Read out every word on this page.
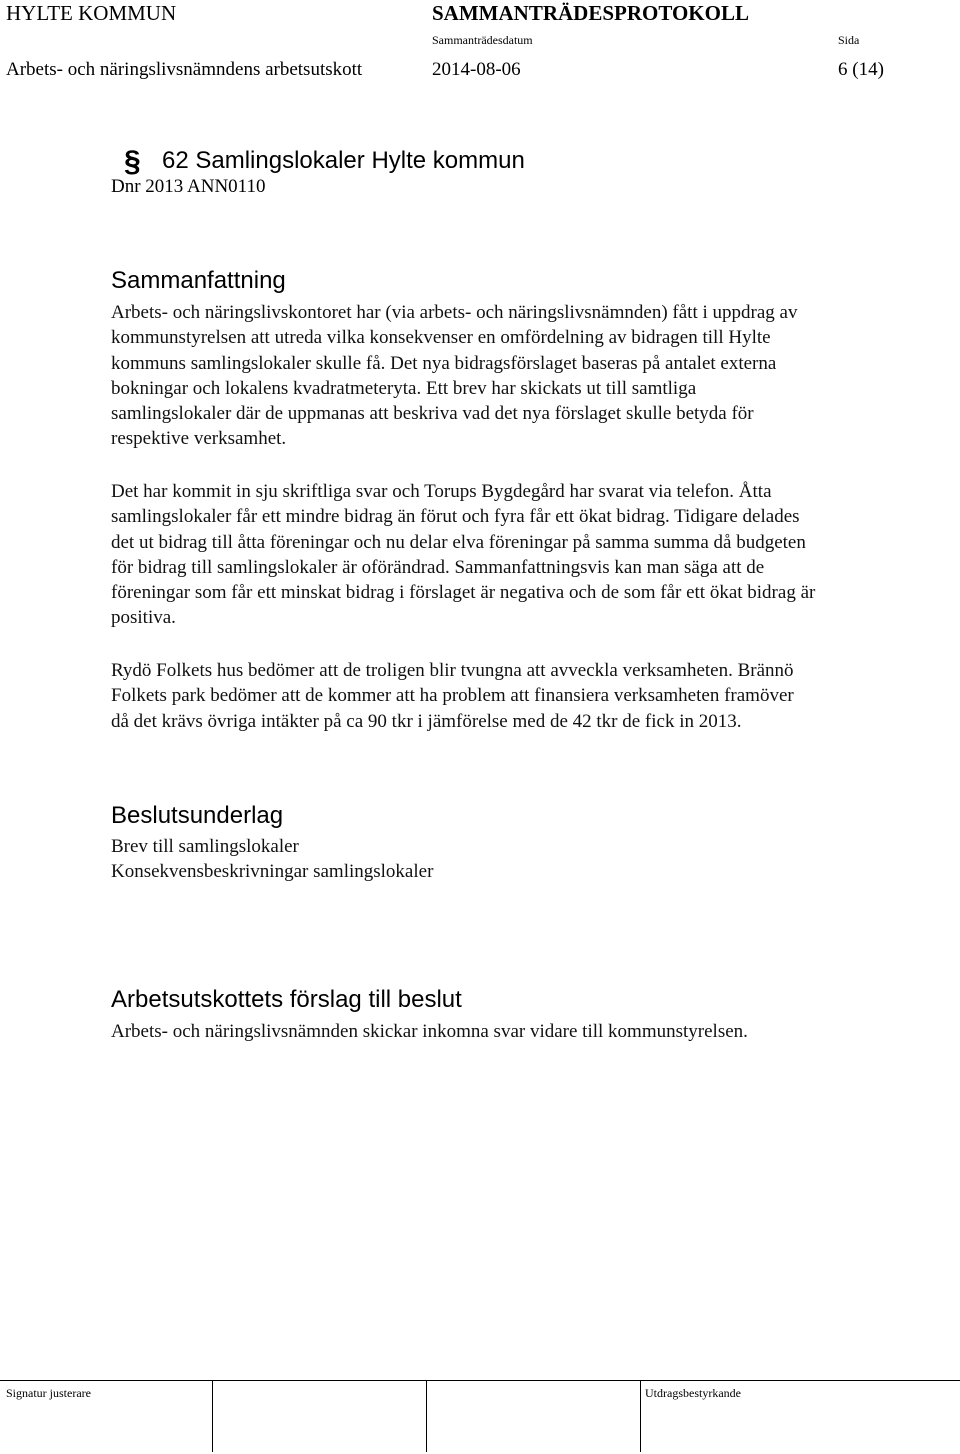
HYLTE KOMMUN	SAMMANTRÄDESPROTOKOLL
Sammanträdesdatum	Sida
Arbets- och näringslivsnämndens arbetsutskott	2014-08-06	6 (14)
§ 62 Samlingslokaler Hylte kommun
Dnr 2013 ANN0110
Sammanfattning
Arbets- och näringslivskontoret har (via arbets- och näringslivsnämnden) fått i uppdrag av
kommunstyrelsen att utreda vilka konsekvenser en omfördelning av bidragen till Hylte
kommuns samlingslokaler skulle få. Det nya bidragsförslaget baseras på antalet externa
bokningar och lokalens kvadratmeteryta. Ett brev har skickats ut till samtliga
samlingslokaler där de uppmanas att beskriva vad det nya förslaget skulle betyda för
respektive verksamhet.
Det har kommit in sju skriftliga svar och Torups Bygdegård har svarat via telefon. Åtta
samlingslokaler får ett mindre bidrag än förut och fyra får ett ökat bidrag. Tidigare delades
det ut bidrag till åtta föreningar och nu delar elva föreningar på samma summa då budgeten
för bidrag till samlingslokaler är oförändrad. Sammanfattningsvis kan man säga att de
föreningar som får ett minskat bidrag i förslaget är negativa och de som får ett ökat bidrag är
positiva.
Rydö Folkets hus bedömer att de troligen blir tvungna att avveckla verksamheten. Brännö
Folkets park bedömer att de kommer att ha problem att finansiera verksamheten framöver
då det krävs övriga intäkter på ca 90 tkr i jämförelse med de 42 tkr de fick in 2013.
Beslutsunderlag
Brev till samlingslokaler
Konsekvensbeskrivningar samlingslokaler
Arbetsutskottets förslag till beslut
Arbets- och näringslivsnämnden skickar inkomna svar vidare till kommunstyrelsen.
Signatur justerare	Utdragsbestyrkande
